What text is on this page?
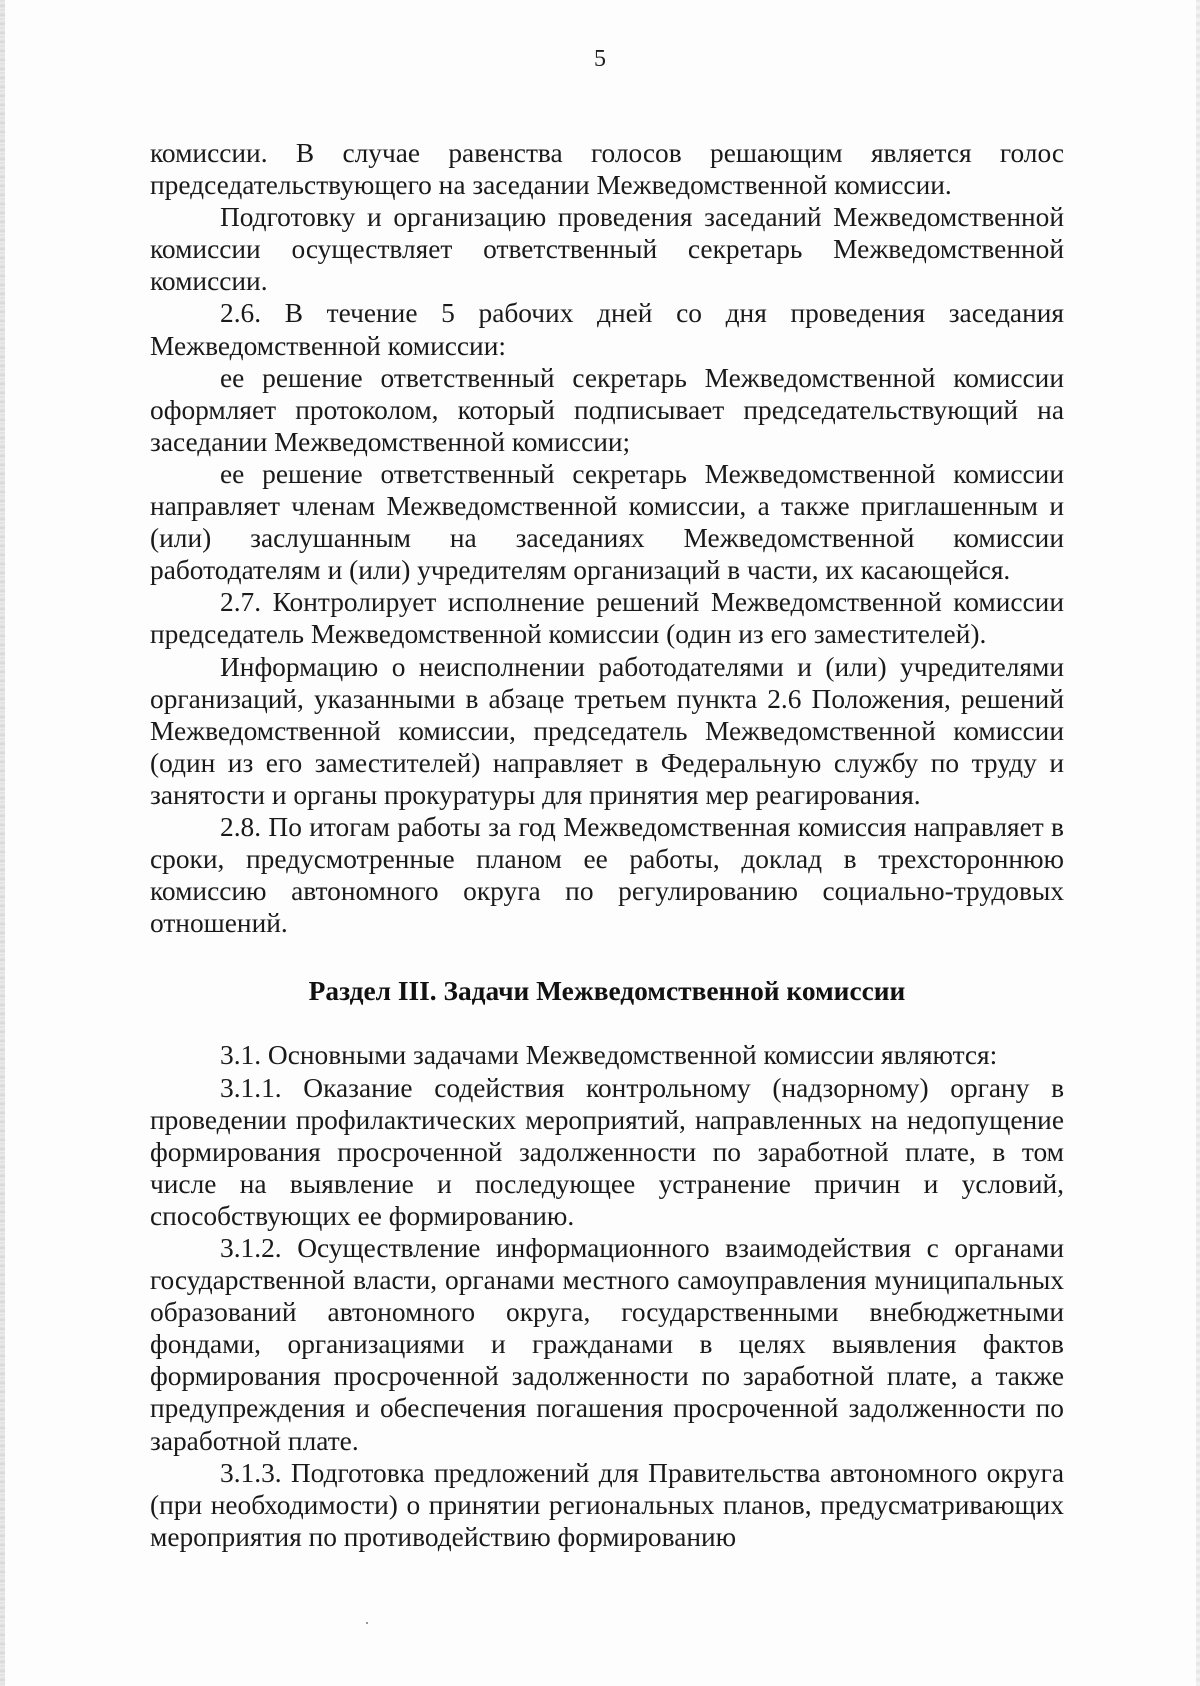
5

комиссии. В случае равенства голосов решающим является голос председательствующего на заседании Межведомственной комиссии.

Подготовку и организацию проведения заседаний Межведомственной комиссии осуществляет ответственный секретарь Межведомственной комиссии.

2.6. В течение 5 рабочих дней со дня проведения заседания Межведомственной комиссии:

ее решение ответственный секретарь Межведомственной комиссии оформляет протоколом, который подписывает председательствующий на заседании Межведомственной комиссии;

ее решение ответственный секретарь Межведомственной комиссии направляет членам Межведомственной комиссии, а также приглашенным и (или) заслушанным на заседаниях Межведомственной комиссии работодателям и (или) учредителям организаций в части, их касающейся.

2.7. Контролирует исполнение решений Межведомственной комиссии председатель Межведомственной комиссии (один из его заместителей).

Информацию о неисполнении работодателями и (или) учредителями организаций, указанными в абзаце третьем пункта 2.6 Положения, решений Межведомственной комиссии, председатель Межведомственной комиссии (один из его заместителей) направляет в Федеральную службу по труду и занятости и органы прокуратуры для принятия мер реагирования.

2.8. По итогам работы за год Межведомственная комиссия направляет в сроки, предусмотренные планом ее работы, доклад в трехстороннюю комиссию автономного округа по регулированию социально-трудовых отношений.

Раздел III. Задачи Межведомственной комиссии

3.1. Основными задачами Межведомственной комиссии являются:

3.1.1. Оказание содействия контрольному (надзорному) органу в проведении профилактических мероприятий, направленных на недопущение формирования просроченной задолженности по заработной плате, в том числе на выявление и последующее устранение причин и условий, способствующих ее формированию.

3.1.2. Осуществление информационного взаимодействия с органами государственной власти, органами местного самоуправления муниципальных образований автономного округа, государственными внебюджетными фондами, организациями и гражданами в целях выявления фактов формирования просроченной задолженности по заработной плате, а также предупреждения и обеспечения погашения просроченной задолженности по заработной плате.

3.1.3. Подготовка предложений для Правительства автономного округа (при необходимости) о принятии региональных планов, предусматривающих мероприятия по противодействию формированию
